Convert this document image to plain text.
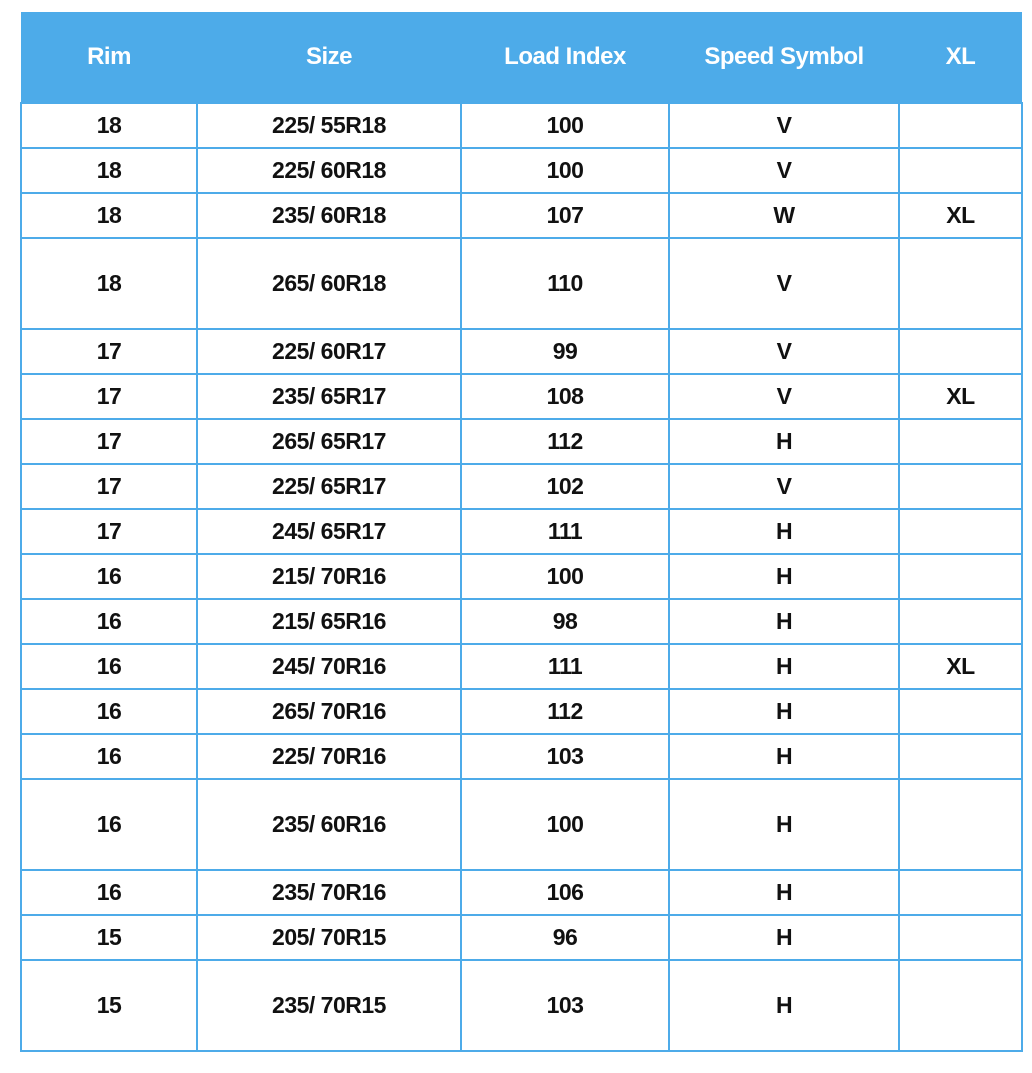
Rim	Size	Load Index	Speed Symbol	XL
18	225/ 55R18	100	V	
18	225/ 60R18	100	V	
18	235/ 60R18	107	W	XL
18	265/ 60R18	110	V	
17	225/ 60R17	99	V	
17	235/ 65R17	108	V	XL
17	265/ 65R17	112	H	
17	225/ 65R17	102	V	
17	245/ 65R17	111	H	
16	215/ 70R16	100	H	
16	215/ 65R16	98	H	
16	245/ 70R16	111	H	XL
16	265/ 70R16	112	H	
16	225/ 70R16	103	H	
16	235/ 60R16	100	H	
16	235/ 70R16	106	H	
15	205/ 70R15	96	H	
15	235/ 70R15	103	H	
